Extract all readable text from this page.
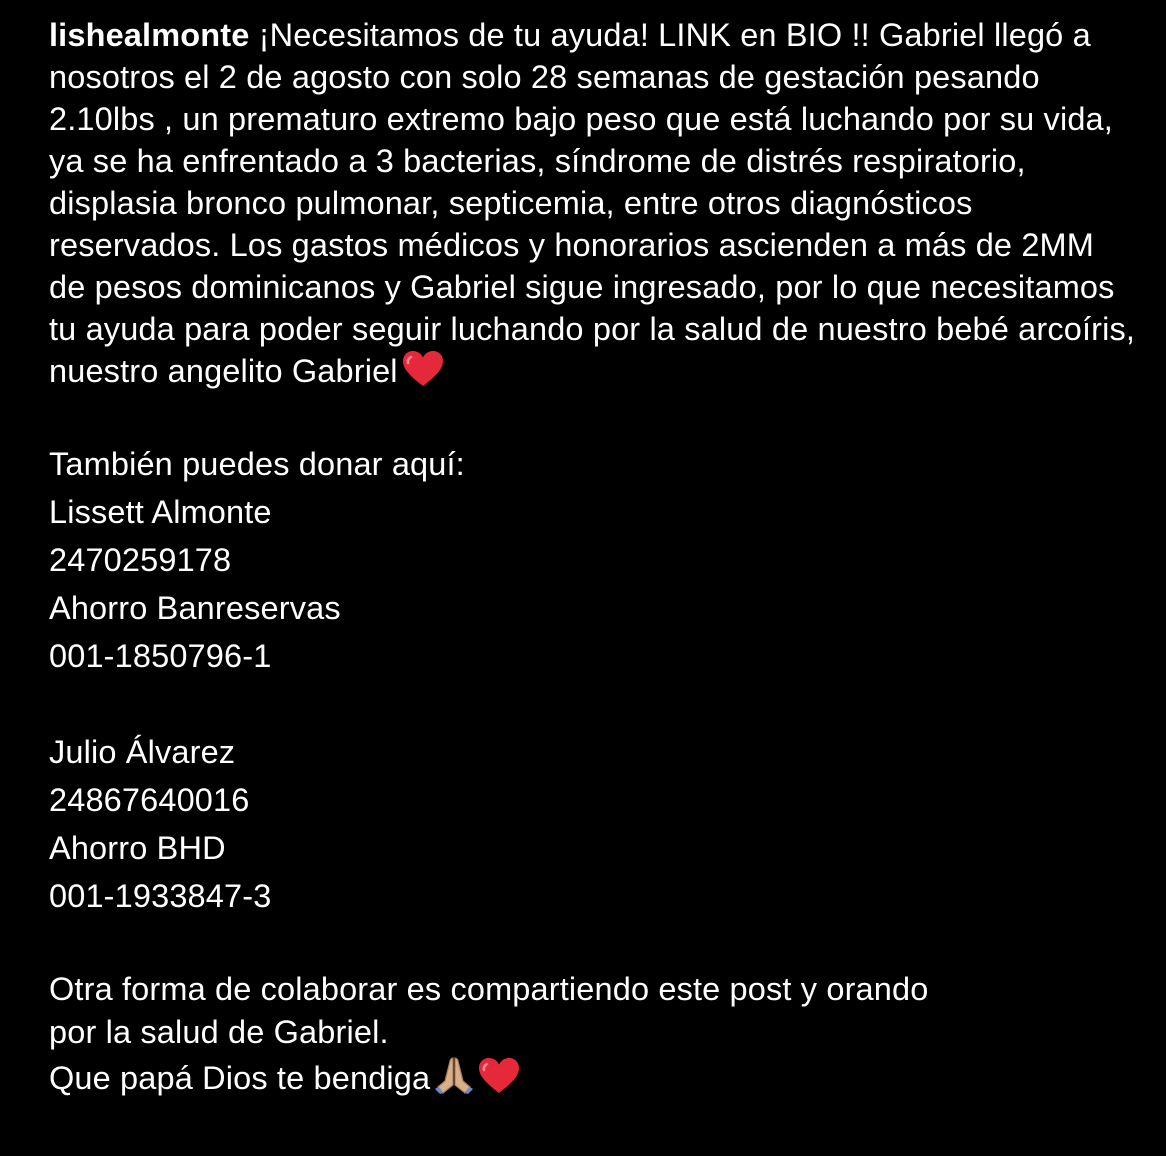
lishealmonte ¡Necesitamos de tu ayuda! LINK en BIO !! Gabriel llegó a nosotros el 2 de agosto con solo 28 semanas de gestación pesando 2.10lbs , un prematuro extremo bajo peso que está luchando por su vida, ya se ha enfrentado a 3 bacterias, síndrome de distrés respiratorio, displasia bronco pulmonar, septicemia, entre otros diagnósticos reservados. Los gastos médicos y honorarios ascienden a más de 2MM de pesos dominicanos y Gabriel sigue ingresado, por lo que necesitamos tu ayuda para poder seguir luchando por la salud de nuestro bebé arcoíris, nuestro angelito Gabriel

También puedes donar aquí:
Lissett Almonte
2470259178
Ahorro Banreservas
001-1850796-1
Julio Álvarez
24867640016
Ahorro BHD
001-1933847-3
Otra forma de colaborar es compartiendo este post y orando
por la salud de Gabriel.
Que papá Dios te bendiga
